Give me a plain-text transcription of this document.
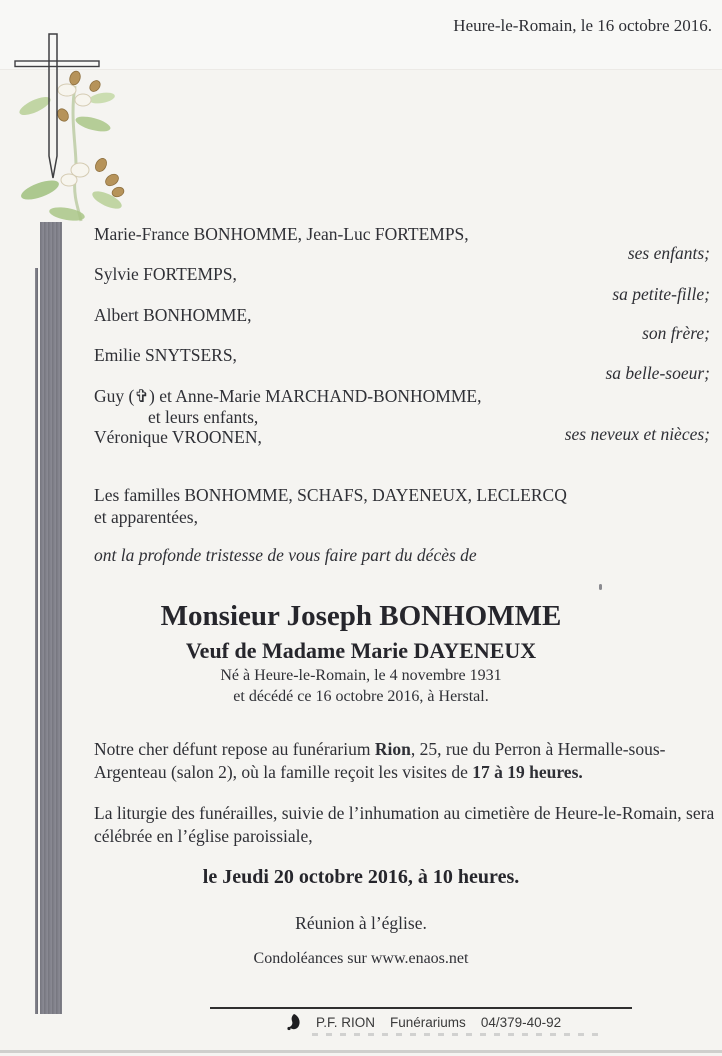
Heure-le-Romain, le 16 octobre 2016.
Marie-France BONHOMME, Jean-Luc FORTEMPS,
ses enfants;
Sylvie FORTEMPS,
sa petite-fille;
Albert BONHOMME,
son frère;
Emilie SNYTSERS,
sa belle-soeur;
Guy (✞) et Anne-Marie MARCHAND-BONHOMME,
et leurs enfants,
Véronique VROONEN,	ses neveux et nièces;
Les familles BONHOMME, SCHAFS, DAYENEUX, LECLERCQ
et apparentées,
ont la profonde tristesse de vous faire part du décès de
Monsieur Joseph BONHOMME
Veuf de Madame Marie DAYENEUX
Né à Heure-le-Romain, le 4 novembre 1931
et décédé ce 16 octobre 2016, à Herstal.

Notre cher défunt repose au funérarium Rion, 25, rue du Perron à Hermalle-sous-Argenteau (salon 2), où la famille reçoit les visites de 17 à 19 heures.

La liturgie des funérailles, suivie de l’inhumation au cimetière de Heure-le-Romain, sera célébrée en l’église paroissiale,

le Jeudi 20 octobre 2016, à 10 heures.
Réunion à l’église.
Condoléances sur www.enaos.net
P.F. RION Funérariums 04/379-40-92
